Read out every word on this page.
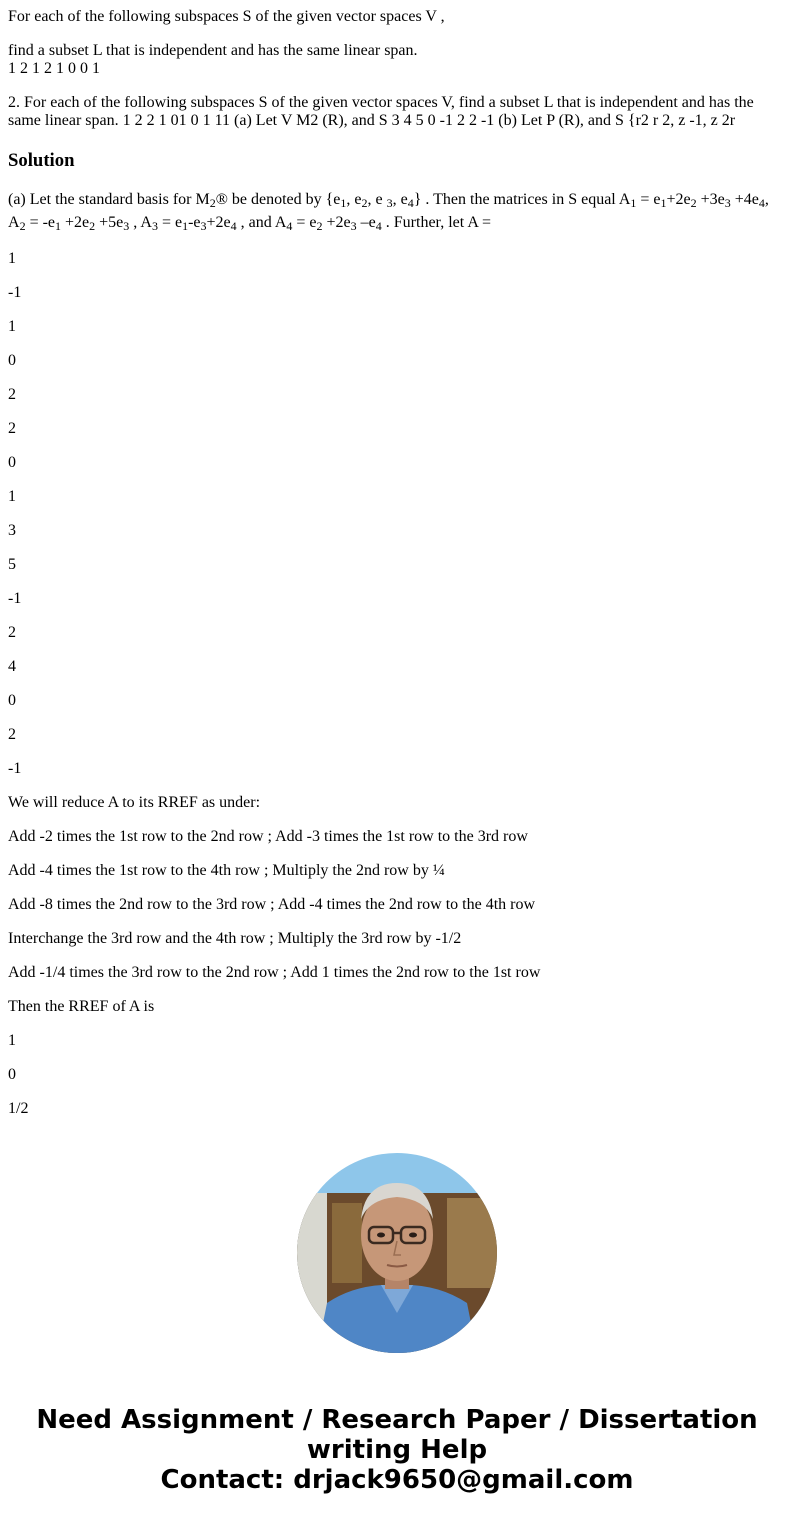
For each of the following subspaces S of the given vector spaces V ,

find a subset L that is independent and has the same linear span.
1 2 1 2 1 0 0 1

2. For each of the following subspaces S of the given vector spaces V, find a subset L that is independent and has the same linear span. 1 2 2 1 01 0 1 11 (a) Let V M2 (R), and S 3 4 5 0 -1 2 2 -1 (b) Let P (R), and S {r2 r 2, z -1, z 2r

Solution

(a) Let the standard basis for $M_2®$ be denoted by {$e_1$, $e_2$, e $_3$, $e_4$} . Then the matrices in S equal $A_1 = e_1+2e_2 +3e_3 +4e_4$, $A_2 = -e_1 +2e_2 +5e_3$ , $A_3 = e_1-e_3+2e_4$ , and $A_4 = e_2 +2e_3$ $-e_4$ . Further, let A =

1
-1
1
0
2
2
0
1
3
5
-1
2
4
0
2
-1
We will reduce A to its RREF as under:
Add -2 times the 1st row to the 2nd row ; Add -3 times the 1st row to the 3rd row
Add -4 times the 1st row to the 4th row ; Multiply the 2nd row by ¼
Add -8 times the 2nd row to the 3rd row ; Add -4 times the 2nd row to the 4th row
Interchange the 3rd row and the 4th row ; Multiply the 3rd row by -1/2
Add -1/4 times the 3rd row to the 2nd row ; Add 1 times the 2nd row to the 1st row
Then the RREF of A is
1
0
1/2
Need Assignment / Research Paper / Dissertation writing Help
Contact: drjack9650@gmail.com
